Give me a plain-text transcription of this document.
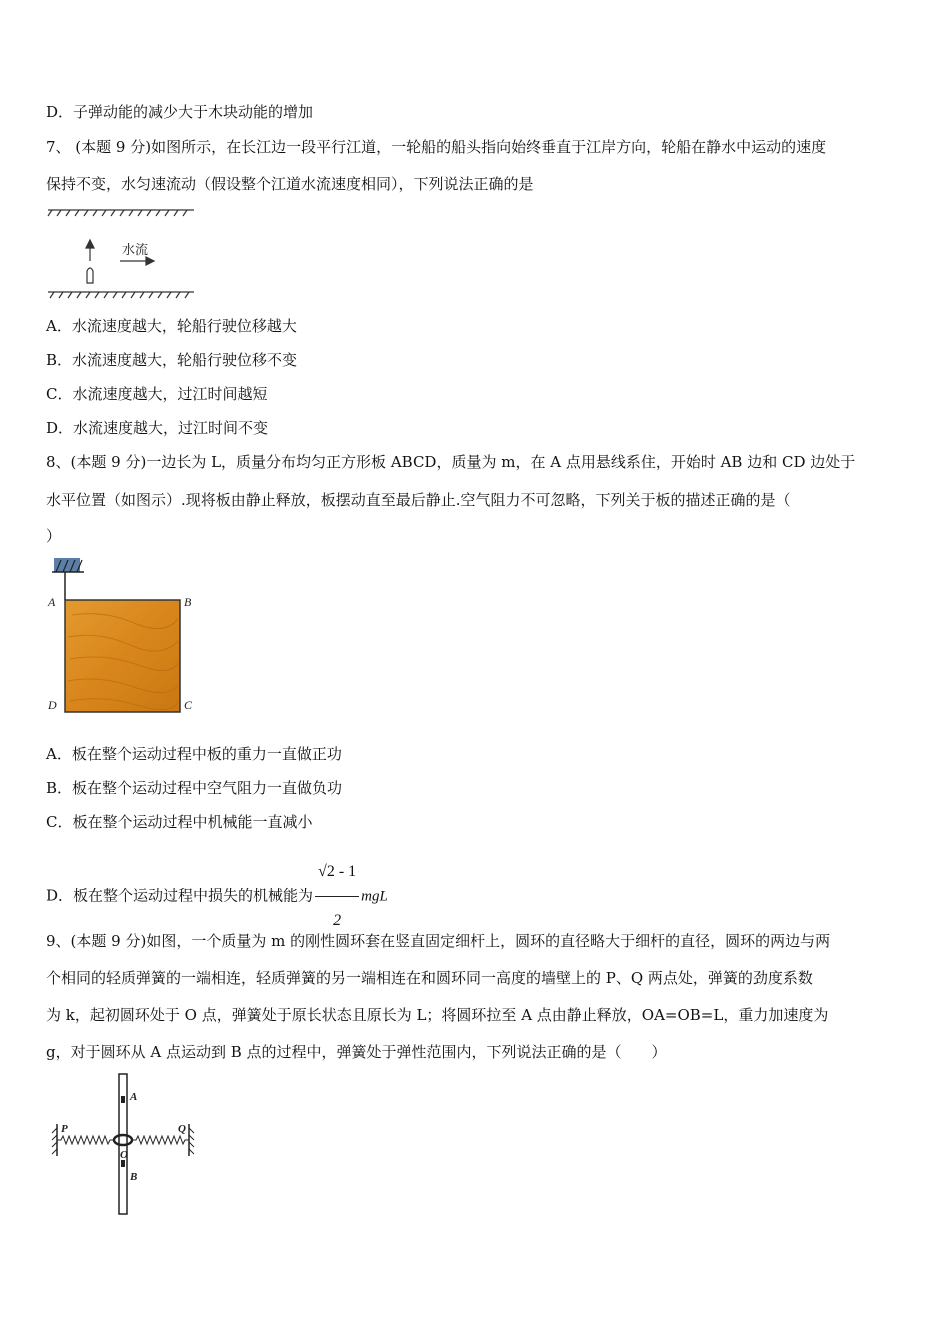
D．子弹动能的减少大于木块动能的增加
7、 (本题 9 分)如图所示，在长江边一段平行江道，一轮船的船头指向始终垂直于江岸方向，轮船在静水中运动的速度
保持不变，水匀速流动（假设整个江道水流速度相同），下列说法正确的是
水流
A．水流速度越大，轮船行驶位移越大
B．水流速度越大，轮船行驶位移不变
C．水流速度越大，过江时间越短
D．水流速度越大，过江时间不变
8、(本题 9 分)一边长为 L，质量分布均匀正方形板 ABCD，质量为 m，在 A 点用悬线系住，开始时 AB 边和 CD 边处于
水平位置（如图示）.现将板由静止释放，板摆动直至最后静止.空气阻力不可忽略，下列关于板的描述正确的是（
）
A	B
D	C
A．板在整个运动过程中板的重力一直做正功
B．板在整个运动过程中空气阻力一直做负功
C．板在整个运动过程中机械能一直减小
D．板在整个运动过程中损失的机械能为 $\frac{√2 - 1}{2}$ mgL
9、(本题 9 分)如图，一个质量为 m 的刚性圆环套在竖直固定细杆上，圆环的直径略大于细杆的直径，圆环的两边与两
个相同的轻质弹簧的一端相连，轻质弹簧的另一端相连在和圆环同一高度的墙壁上的 P、Q 两点处，弹簧的劲度系数
为 k，起初圆环处于 O 点，弹簧处于原长状态且原长为 L；将圆环拉至 A 点由静止释放，OA=OB=L，重力加速度为
g，对于圆环从 A 点运动到 B 点的过程中，弹簧处于弹性范围内，下列说法正确的是（　　）
A
B
O
P	Q
